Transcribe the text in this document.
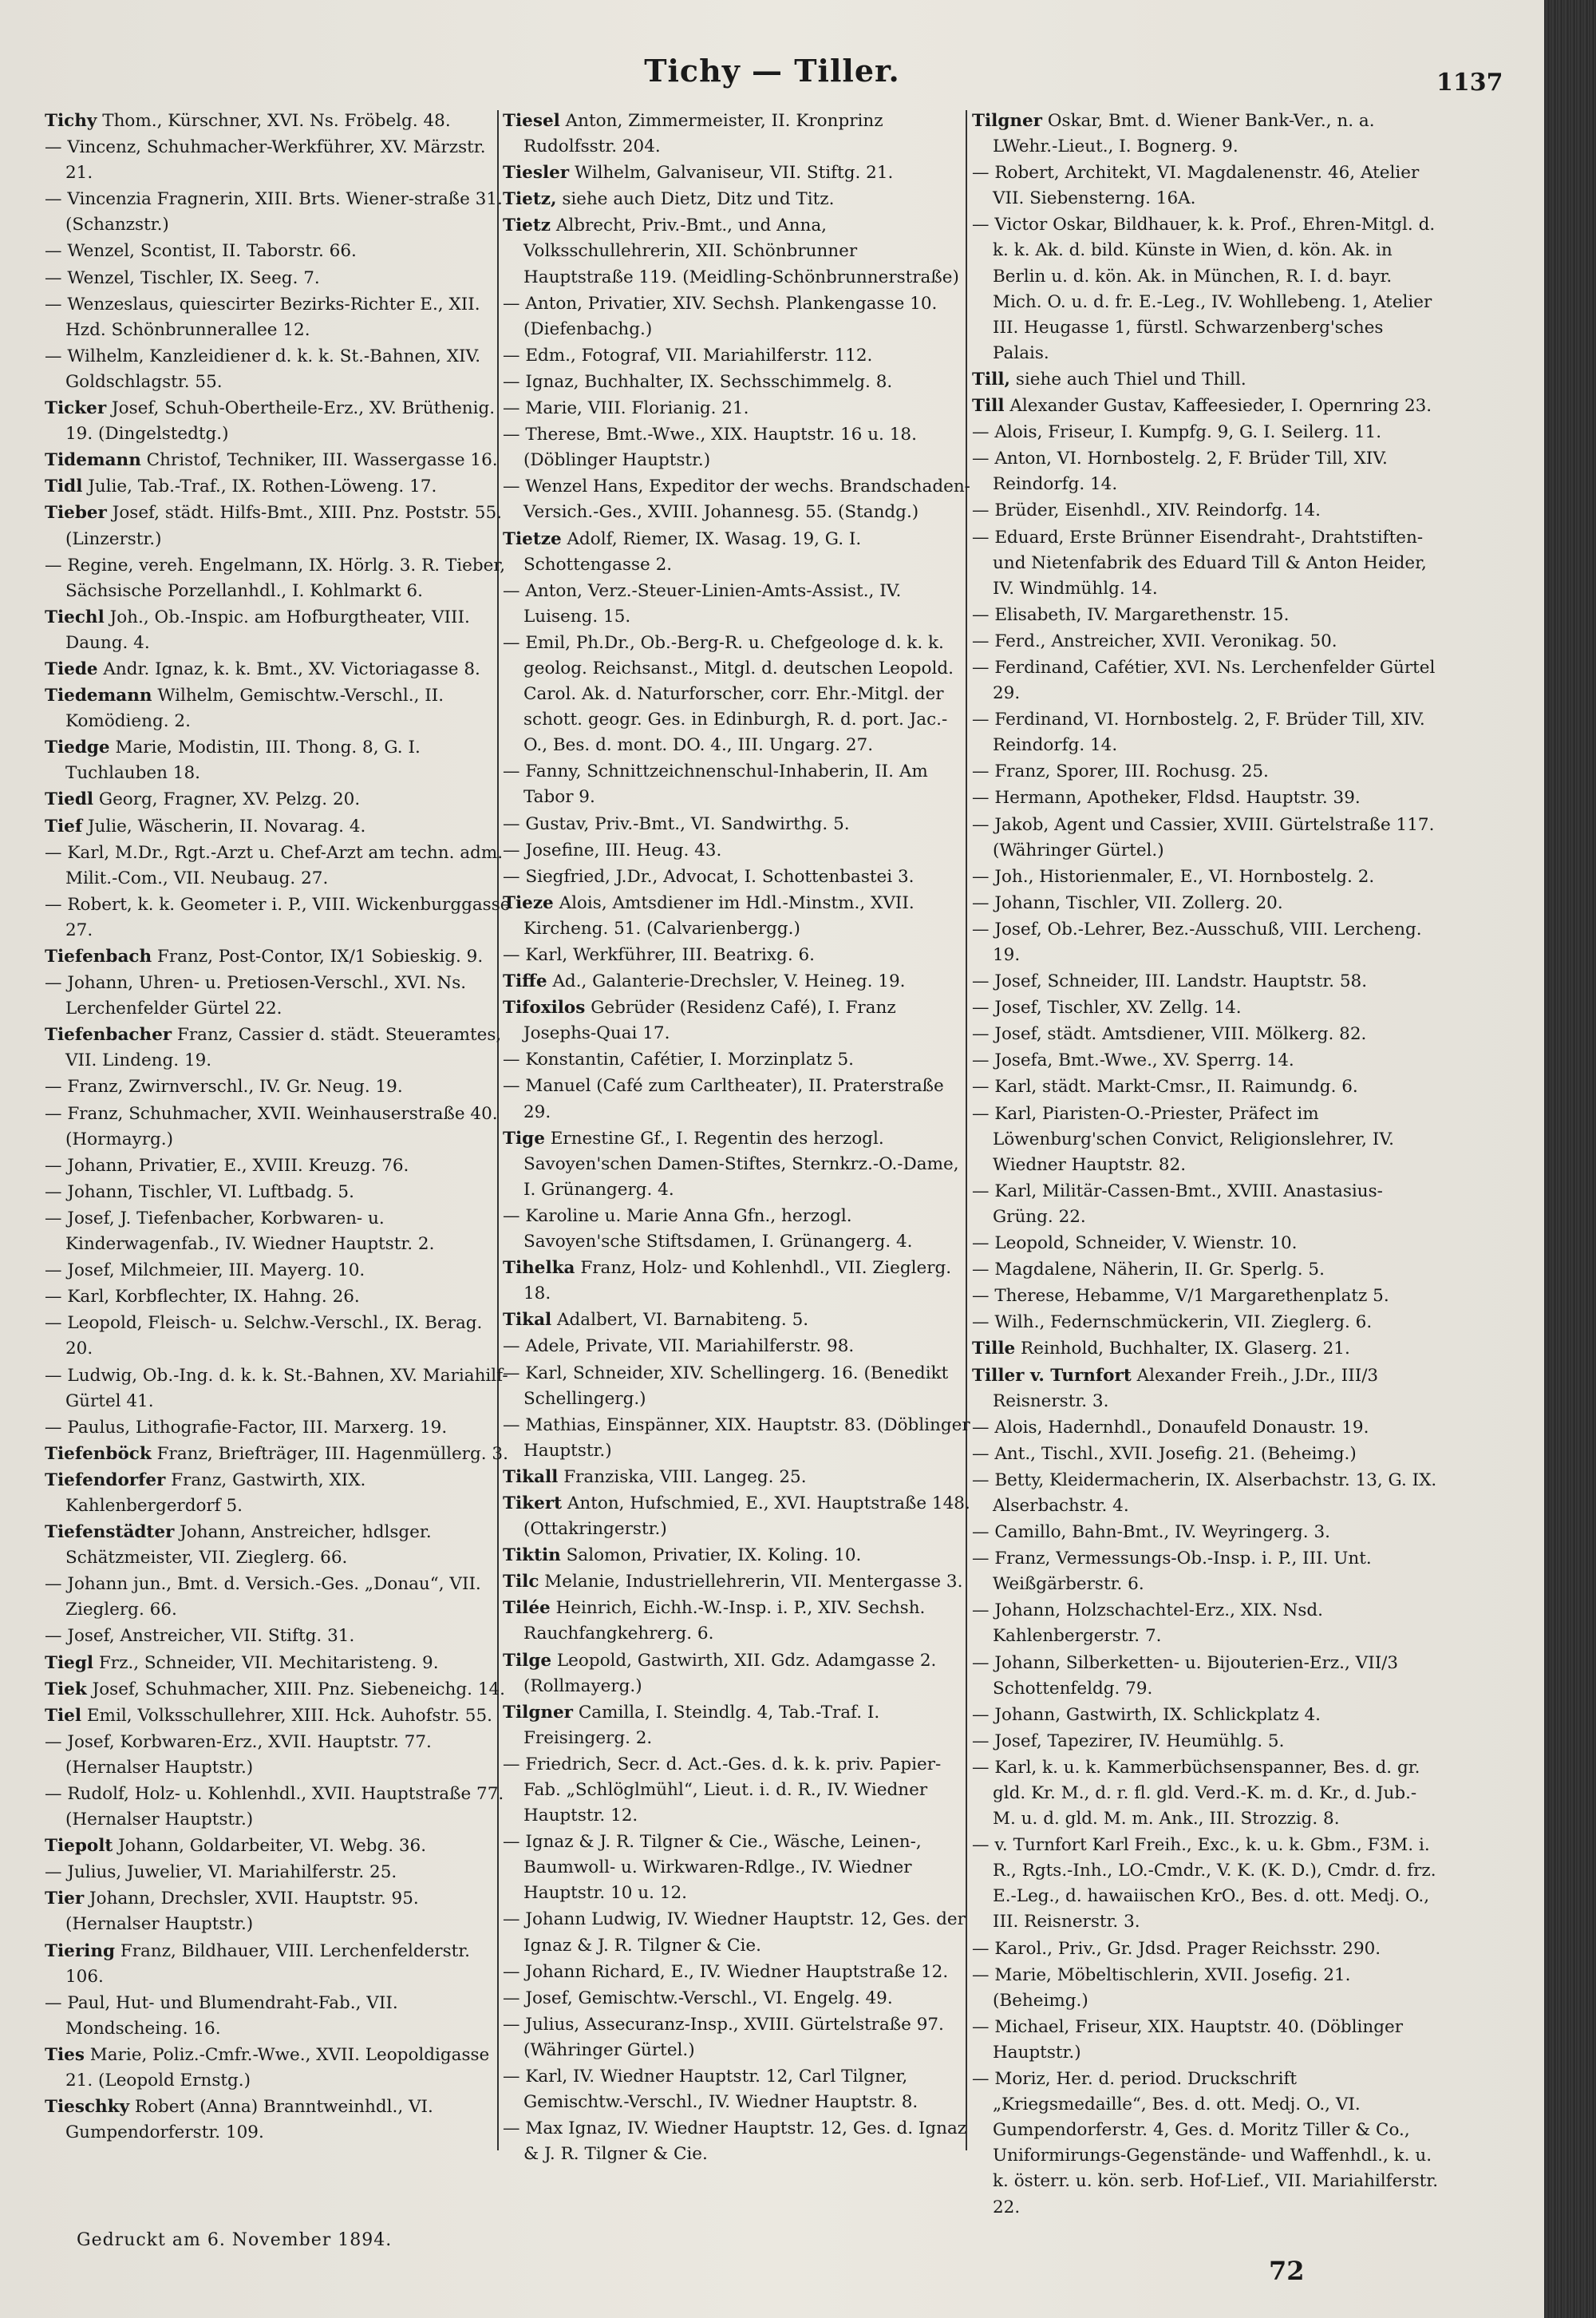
Tichy — Tiller.	1137
Tichy Thom., Kürschner, XVI. Ns. Fröbelg. 48.
— Vincenz, Schuhmacher-Werkführer, XV. Märzstr. 21.
— Vincenzia Fragnerin, XIII. Brts. Wiener-straße 31. (Schanzstr.)
— Wenzel, Scontist, II. Taborstr. 66.
— Wenzel, Tischler, IX. Seeg. 7.
— Wenzeslaus, quiescirter Bezirks-Richter E., XII. Hzd. Schönbrunnerallee 12.
— Wilhelm, Kanzleidiener d. k. k. St.-Bahnen, XIV. Goldschlagstr. 55.
Ticker Josef, Schuh-Obertheile-Erz., XV. Brüthenig. 19. (Dingelstedtg.)
Tidemann Christof, Techniker, III. Wassergasse 16.
Tidl Julie, Tab.-Traf., IX. Rothen-Löweng. 17.
Tieber Josef, städt. Hilfs-Bmt., XIII. Pnz. Poststr. 55. (Linzerstr.)
— Regine, vereh. Engelmann, IX. Hörlg. 3. R. Tieber, Sächsische Porzellanhdl., I. Kohlmarkt 6.
Tiechl Joh., Ob.-Inspic. am Hofburgtheater, VIII. Daung. 4.
Tiede Andr. Ignaz, k. k. Bmt., XV. Victoriagasse 8.
Tiedemann Wilhelm, Gemischtw.-Verschl., II. Komödieng. 2.
Tiedge Marie, Modistin, III. Thong. 8, G. I. Tuchlauben 18.
Tiedl Georg, Fragner, XV. Pelzg. 20.
Tief Julie, Wäscherin, II. Novarag. 4.
— Karl, M.Dr., Rgt.-Arzt u. Chef-Arzt am techn. adm. Milit.-Com., VII. Neubaug. 27.
— Robert, k. k. Geometer i. P., VIII. Wickenburggasse 27.
Tiefenbach Franz, Post-Contor, IX/1 Sobieskig. 9.
— Johann, Uhren- u. Pretiosen-Verschl., XVI. Ns. Lerchenfelder Gürtel 22.
Tiefenbacher Franz, Cassier d. städt. Steueramtes, VII. Lindeng. 19.
— Franz, Zwirnverschl., IV. Gr. Neug. 19.
— Franz, Schuhmacher, XVII. Weinhauserstraße 40. (Hormayrg.)
— Johann, Privatier, E., XVIII. Kreuzg. 76.
— Johann, Tischler, VI. Luftbadg. 5.
— Josef, J. Tiefenbacher, Korbwaren- u. Kinderwagenfab., IV. Wiedner Hauptstr. 2.
— Josef, Milchmeier, III. Mayerg. 10.
— Karl, Korbflechter, IX. Hahng. 26.
— Leopold, Fleisch- u. Selchw.-Verschl., IX. Berag. 20.
— Ludwig, Ob.-Ing. d. k. k. St.-Bahnen, XV. Mariahilf-Gürtel 41.
— Paulus, Lithografie-Factor, III. Marxerg. 19.
Tiefenböck Franz, Briefträger, III. Hagenmüllerg. 3.
Tiefendorfer Franz, Gastwirth, XIX. Kahlenbergerdorf 5.
Tiefenstädter Johann, Anstreicher, hdlsger. Schätzmeister, VII. Zieglerg. 66.
— Johann jun., Bmt. d. Versich.-Ges. „Donau“, VII. Zieglerg. 66.
— Josef, Anstreicher, VII. Stiftg. 31.
Tiegl Frz., Schneider, VII. Mechitaristeng. 9.
Tiek Josef, Schuhmacher, XIII. Pnz. Siebeneichg. 14.
Tiel Emil, Volksschullehrer, XIII. Hck. Auhofstr. 55.
— Josef, Korbwaren-Erz., XVII. Hauptstr. 77. (Hernalser Hauptstr.)
— Rudolf, Holz- u. Kohlenhdl., XVII. Hauptstraße 77. (Hernalser Hauptstr.)
Tiepolt Johann, Goldarbeiter, VI. Webg. 36.
— Julius, Juwelier, VI. Mariahilferstr. 25.
Tier Johann, Drechsler, XVII. Hauptstr. 95. (Hernalser Hauptstr.)
Tiering Franz, Bildhauer, VIII. Lerchenfelderstr. 106.
— Paul, Hut- und Blumendraht-Fab., VII. Mondscheing. 16.
Ties Marie, Poliz.-Cmfr.-Wwe., XVII. Leopoldigasse 21. (Leopold Ernstg.)
Tieschky Robert (Anna) Branntweinhdl., VI. Gumpendorferstr. 109.
Tiesel Anton, Zimmermeister, II. Kronprinz Rudolfsstr. 204.
Tiesler Wilhelm, Galvaniseur, VII. Stiftg. 21.
Tietz, siehe auch Dietz, Ditz und Titz.
Tietz Albrecht, Priv.-Bmt., und Anna, Volksschullehrerin, XII. Schönbrunner Hauptstraße 119. (Meidling-Schönbrunnerstraße)
— Anton, Privatier, XIV. Sechsh. Plankengasse 10. (Diefenbachg.)
— Edm., Fotograf, VII. Mariahilferstr. 112.
— Ignaz, Buchhalter, IX. Sechsschimmelg. 8.
— Marie, VIII. Florianig. 21.
— Therese, Bmt.-Wwe., XIX. Hauptstr. 16 u. 18. (Döblinger Hauptstr.)
— Wenzel Hans, Expeditor der wechs. Brandschaden-Versich.-Ges., XVIII. Johannesg. 55. (Standg.)
Tietze Adolf, Riemer, IX. Wasag. 19, G. I. Schottengasse 2.
— Anton, Verz.-Steuer-Linien-Amts-Assist., IV. Luiseng. 15.
— Emil, Ph.Dr., Ob.-Berg-R. u. Chefgeologe d. k. k. geolog. Reichsanst., Mitgl. d. deutschen Leopold. Carol. Ak. d. Naturforscher, corr. Ehr.-Mitgl. der schott. geogr. Ges. in Edinburgh, R. d. port. Jac.-O., Bes. d. mont. DO. 4., III. Ungarg. 27.
— Fanny, Schnittzeichnenschul-Inhaberin, II. Am Tabor 9.
— Gustav, Priv.-Bmt., VI. Sandwirthg. 5.
— Josefine, III. Heug. 43.
— Siegfried, J.Dr., Advocat, I. Schottenbastei 3.
Tieze Alois, Amtsdiener im Hdl.-Minstm., XVII. Kircheng. 51. (Calvarienbergg.)
— Karl, Werkführer, III. Beatrixg. 6.
Tiffe Ad., Galanterie-Drechsler, V. Heineg. 19.
Tifoxilos Gebrüder (Residenz Café), I. Franz Josephs-Quai 17.
— Konstantin, Cafétier, I. Morzinplatz 5.
— Manuel (Café zum Carltheater), II. Praterstraße 29.
Tige Ernestine Gf., I. Regentin des herzogl. Savoyen'schen Damen-Stiftes, Sternkrz.-O.-Dame, I. Grünangerg. 4.
— Karoline u. Marie Anna Gfn., herzogl. Savoyen'sche Stiftsdamen, I. Grünangerg. 4.
Tihelka Franz, Holz- und Kohlenhdl., VII. Zieglerg. 18.
Tikal Adalbert, VI. Barnabiteng. 5.
— Adele, Private, VII. Mariahilferstr. 98.
— Karl, Schneider, XIV. Schellingerg. 16. (Benedikt Schellingerg.)
— Mathias, Einspänner, XIX. Hauptstr. 83. (Döblinger Hauptstr.)
Tikall Franziska, VIII. Langeg. 25.
Tikert Anton, Hufschmied, E., XVI. Hauptstraße 148. (Ottakringerstr.)
Tiktin Salomon, Privatier, IX. Koling. 10.
Tilc Melanie, Industriellehrerin, VII. Mentergasse 3.
Tilée Heinrich, Eichh.-W.-Insp. i. P., XIV. Sechsh. Rauchfangkehrerg. 6.
Tilge Leopold, Gastwirth, XII. Gdz. Adamgasse 2. (Rollmayerg.)
Tilgner Camilla, I. Steindlg. 4, Tab.-Traf. I. Freisingerg. 2.
— Friedrich, Secr. d. Act.-Ges. d. k. k. priv. Papier-Fab. „Schlöglmühl“, Lieut. i. d. R., IV. Wiedner Hauptstr. 12.
— Ignaz & J. R. Tilgner & Cie., Wäsche, Leinen-, Baumwoll- u. Wirkwaren-Rdlge., IV. Wiedner Hauptstr. 10 u. 12.
— Johann Ludwig, IV. Wiedner Hauptstr. 12, Ges. der Ignaz & J. R. Tilgner & Cie.
— Johann Richard, E., IV. Wiedner Hauptstraße 12.
— Josef, Gemischtw.-Verschl., VI. Engelg. 49.
— Julius, Assecuranz-Insp., XVIII. Gürtelstraße 97. (Währinger Gürtel.)
— Karl, IV. Wiedner Hauptstr. 12, Carl Tilgner, Gemischtw.-Verschl., IV. Wiedner Hauptstr. 8.
— Max Ignaz, IV. Wiedner Hauptstr. 12, Ges. d. Ignaz & J. R. Tilgner & Cie.
Tilgner Oskar, Bmt. d. Wiener Bank-Ver., n. a. LWehr.-Lieut., I. Bognerg. 9.
— Robert, Architekt, VI. Magdalenenstr. 46, Atelier VII. Siebensterng. 16A.
— Victor Oskar, Bildhauer, k. k. Prof., Ehren-Mitgl. d. k. k. Ak. d. bild. Künste in Wien, d. kön. Ak. in Berlin u. d. kön. Ak. in München, R. I. d. bayr. Mich. O. u. d. fr. E.-Leg., IV. Wohllebeng. 1, Atelier III. Heugasse 1, fürstl. Schwarzenberg'sches Palais.
Till, siehe auch Thiel und Thill.
Till Alexander Gustav, Kaffeesieder, I. Opernring 23.
— Alois, Friseur, I. Kumpfg. 9, G. I. Seilerg. 11.
— Anton, VI. Hornbostelg. 2, F. Brüder Till, XIV. Reindorfg. 14.
— Brüder, Eisenhdl., XIV. Reindorfg. 14.
— Eduard, Erste Brünner Eisendraht-, Drahtstiften- und Nietenfabrik des Eduard Till & Anton Heider, IV. Windmühlg. 14.
— Elisabeth, IV. Margarethenstr. 15.
— Ferd., Anstreicher, XVII. Veronikag. 50.
— Ferdinand, Cafétier, XVI. Ns. Lerchenfelder Gürtel 29.
— Ferdinand, VI. Hornbostelg. 2, F. Brüder Till, XIV. Reindorfg. 14.
— Franz, Sporer, III. Rochusg. 25.
— Hermann, Apotheker, Fldsd. Hauptstr. 39.
— Jakob, Agent und Cassier, XVIII. Gürtelstraße 117. (Währinger Gürtel.)
— Joh., Historienmaler, E., VI. Hornbostelg. 2.
— Johann, Tischler, VII. Zollerg. 20.
— Josef, Ob.-Lehrer, Bez.-Ausschuß, VIII. Lercheng. 19.
— Josef, Schneider, III. Landstr. Hauptstr. 58.
— Josef, Tischler, XV. Zellg. 14.
— Josef, städt. Amtsdiener, VIII. Mölkerg. 82.
— Josefa, Bmt.-Wwe., XV. Sperrg. 14.
— Karl, städt. Markt-Cmsr., II. Raimundg. 6.
— Karl, Piaristen-O.-Priester, Präfect im Löwenburg'schen Convict, Religionslehrer, IV. Wiedner Hauptstr. 82.
— Karl, Militär-Cassen-Bmt., XVIII. Anastasius-Grüng. 22.
— Leopold, Schneider, V. Wienstr. 10.
— Magdalene, Näherin, II. Gr. Sperlg. 5.
— Therese, Hebamme, V/1 Margarethenplatz 5.
— Wilh., Federnschmückerin, VII. Zieglerg. 6.
Tille Reinhold, Buchhalter, IX. Glaserg. 21.
Tiller v. Turnfort Alexander Freih., J.Dr., III/3 Reisnerstr. 3.
— Alois, Hadernhdl., Donaufeld Donaustr. 19.
— Ant., Tischl., XVII. Josefig. 21. (Beheimg.)
— Betty, Kleidermacherin, IX. Alserbachstr. 13, G. IX. Alserbachstr. 4.
— Camillo, Bahn-Bmt., IV. Weyringerg. 3.
— Franz, Vermessungs-Ob.-Insp. i. P., III. Unt. Weißgärberstr. 6.
— Johann, Holzschachtel-Erz., XIX. Nsd. Kahlenbergerstr. 7.
— Johann, Silberketten- u. Bijouterien-Erz., VII/3 Schottenfeldg. 79.
— Johann, Gastwirth, IX. Schlickplatz 4.
— Josef, Tapezirer, IV. Heumühlg. 5.
— Karl, k. u. k. Kammerbüchsenspanner, Bes. d. gr. gld. Kr. M., d. r. fl. gld. Verd.-K. m. d. Kr., d. Jub.-M. u. d. gld. M. m. Ank., III. Strozzig. 8.
— v. Turnfort Karl Freih., Exc., k. u. k. Gbm., F3M. i. R., Rgts.-Inh., LO.-Cmdr., V. K. (K. D.), Cmdr. d. frz. E.-Leg., d. hawaiischen KrO., Bes. d. ott. Medj. O., III. Reisnerstr. 3.
— Karol., Priv., Gr. Jdsd. Prager Reichsstr. 290.
— Marie, Möbeltischlerin, XVII. Josefig. 21. (Beheimg.)
— Michael, Friseur, XIX. Hauptstr. 40. (Döblinger Hauptstr.)
— Moriz, Her. d. period. Druckschrift „Kriegsmedaille“, Bes. d. ott. Medj. O., VI. Gumpendorferstr. 4, Ges. d. Moritz Tiller & Co., Uniformirungs-Gegenstände- und Waffenhdl., k. u. k. österr. u. kön. serb. Hof-Lief., VII. Mariahilferstr. 22.
Gedruckt am 6. November 1894.
72
